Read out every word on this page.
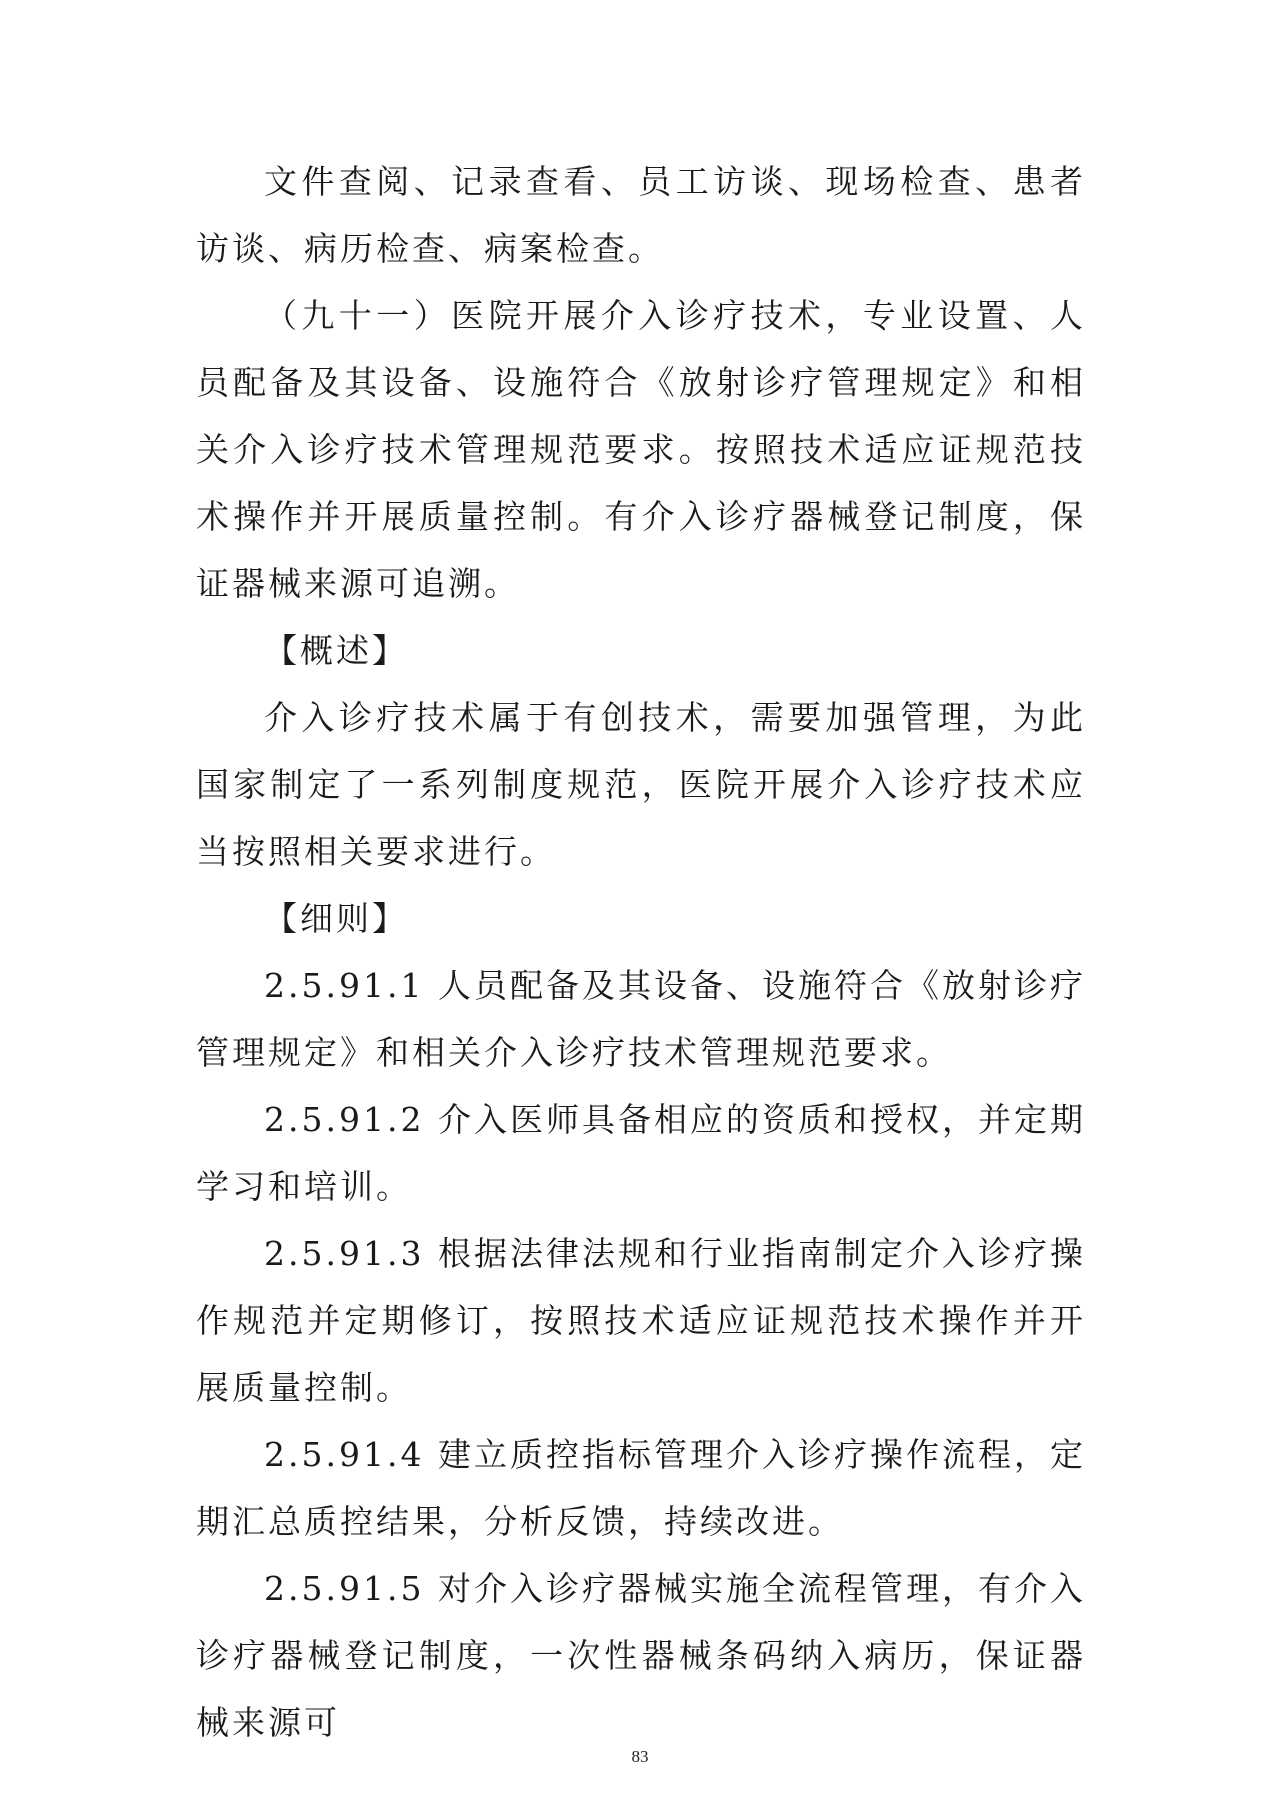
文件查阅、记录查看、员工访谈、现场检查、患者访谈、病历检查、病案检查。

（九十一）医院开展介入诊疗技术，专业设置、人员配备及其设备、设施符合《放射诊疗管理规定》和相关介入诊疗技术管理规范要求。按照技术适应证规范技术操作并开展质量控制。有介入诊疗器械登记制度，保证器械来源可追溯。

【概述】

介入诊疗技术属于有创技术，需要加强管理，为此国家制定了一系列制度规范，医院开展介入诊疗技术应当按照相关要求进行。

【细则】

2.5.91.1 人员配备及其设备、设施符合《放射诊疗管理规定》和相关介入诊疗技术管理规范要求。

2.5.91.2 介入医师具备相应的资质和授权，并定期学习和培训。

2.5.91.3 根据法律法规和行业指南制定介入诊疗操作规范并定期修订，按照技术适应证规范技术操作并开展质量控制。

2.5.91.4 建立质控指标管理介入诊疗操作流程，定期汇总质控结果，分析反馈，持续改进。

2.5.91.5 对介入诊疗器械实施全流程管理，有介入诊疗器械登记制度，一次性器械条码纳入病历，保证器械来源可

83
